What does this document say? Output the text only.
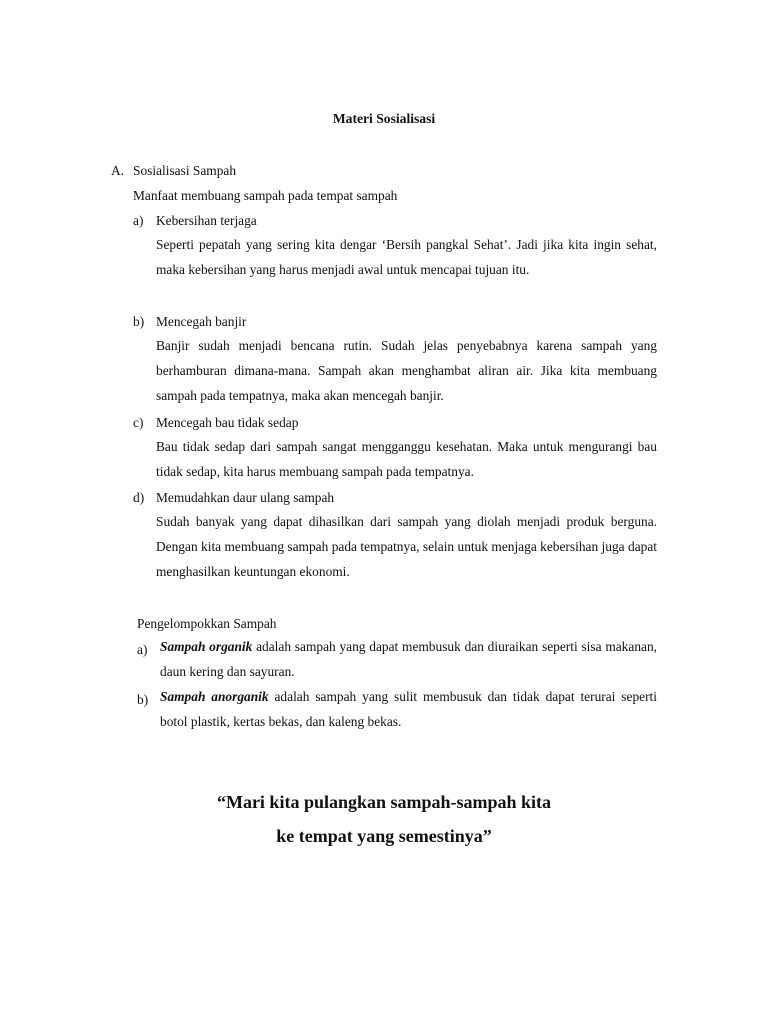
Materi Sosialisasi
A. Sosialisasi Sampah
Manfaat membuang sampah pada tempat sampah
a) Kebersihan terjaga
Seperti pepatah yang sering kita dengar ‘Bersih pangkal Sehat’. Jadi jika kita ingin sehat, maka kebersihan yang harus menjadi awal untuk mencapai tujuan itu.
b) Mencegah banjir
Banjir sudah menjadi bencana rutin. Sudah jelas penyebabnya karena sampah yang berhamburan dimana-mana. Sampah akan menghambat aliran air. Jika kita membuang sampah pada tempatnya, maka akan mencegah banjir.
c) Mencegah bau tidak sedap
Bau tidak sedap dari sampah sangat mengganggu kesehatan. Maka untuk mengurangi bau tidak sedap, kita harus membuang sampah pada tempatnya.
d) Memudahkan daur ulang sampah
Sudah banyak yang dapat dihasilkan dari sampah yang diolah menjadi produk berguna. Dengan kita membuang sampah pada tempatnya, selain untuk menjaga kebersihan juga dapat menghasilkan keuntungan ekonomi.
Pengelompokkan Sampah
a) Sampah organik adalah sampah yang dapat membusuk dan diuraikan seperti sisa makanan, daun kering dan sayuran.
b) Sampah anorganik adalah sampah yang sulit membusuk dan tidak dapat terurai seperti botol plastik, kertas bekas, dan kaleng bekas.
“Mari kita pulangkan sampah-sampah kita
ke tempat yang semestinya”
